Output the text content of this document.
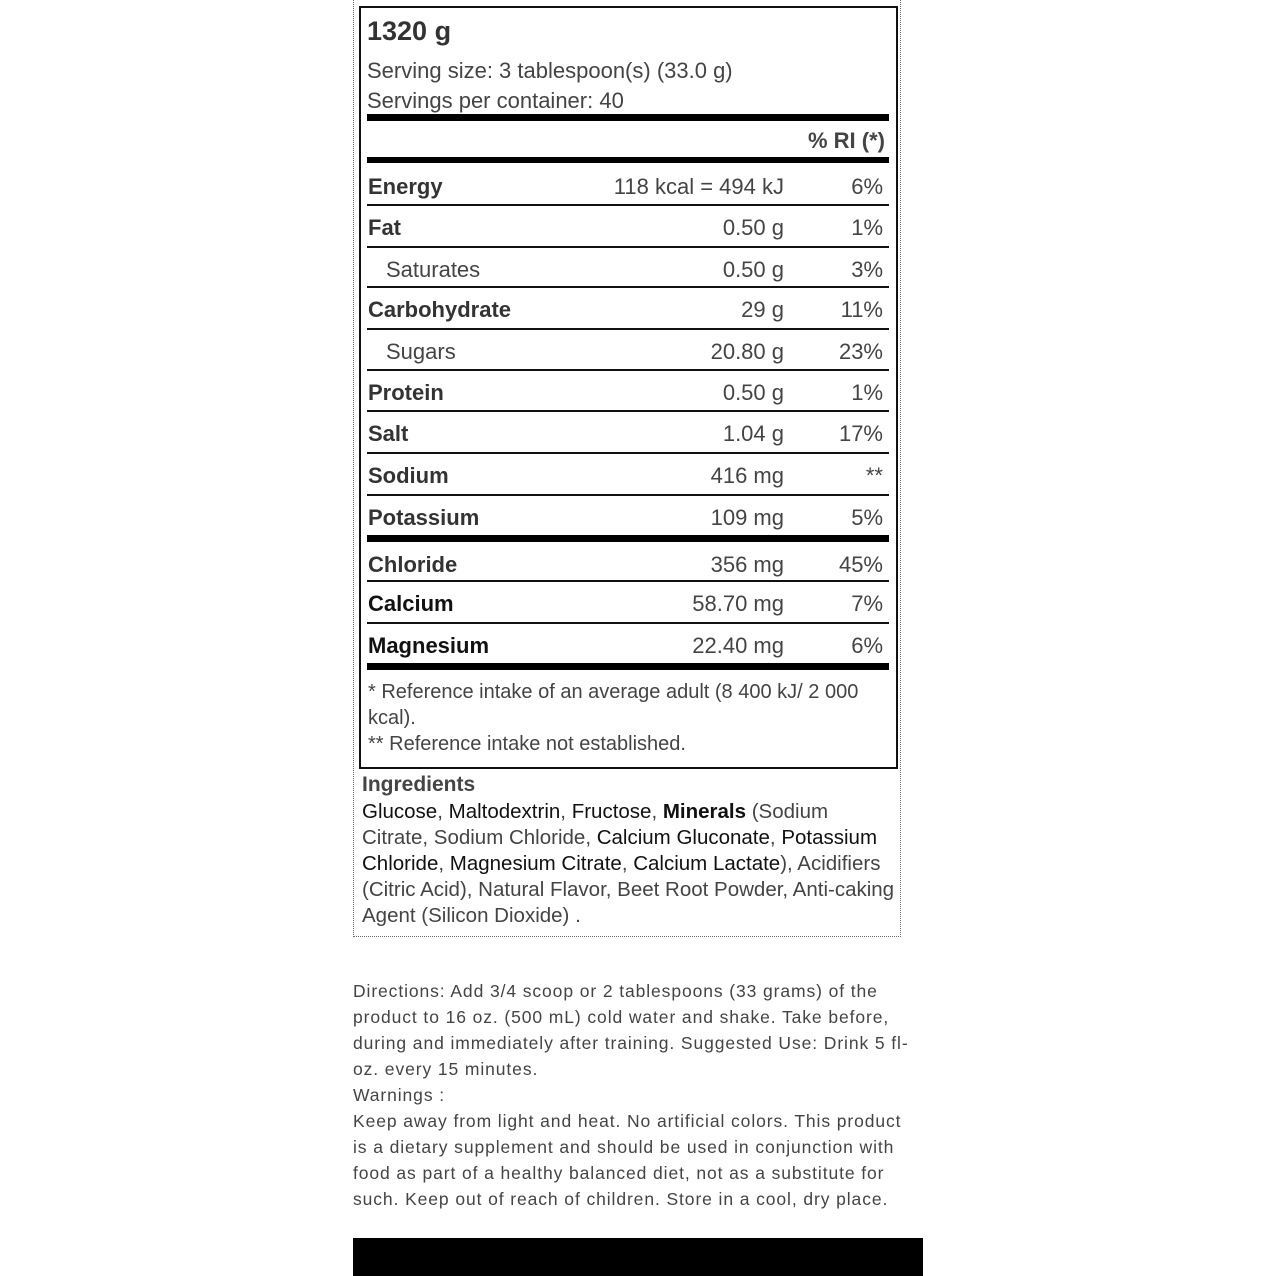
1320 g

Serving size: 3 tablespoon(s) (33.0 g)

Servings per container: 40

% RI (*)
Energy	118 kcal = 494 kJ	6%
Fat	0.50 g	1%
Saturates	0.50 g	3%
Carbohydrate	29 g	11%
Sugars	20.80 g 23%
Protein	0.50 g	1%
Salt	1.04 g 17%
Sodium	416 mg	**
Potassium	109 mg	5%
Chloride	356 mg 45%
Calcium	58.70 mg	7%
Magnesium	22.40 mg	6%
* Reference intake of an average adult (8 400 kJ/ 2 000 kcal).
** Reference intake not established.
Ingredients
Glucose, Maltodextrin, Fructose, Minerals (Sodium Citrate, Sodium Chloride, Calcium Gluconate, Potassium Chloride, Magnesium Citrate, Calcium Lactate), Acidifiers (Citric Acid), Natural Flavor, Beet Root Powder, Anti-caking Agent (Silicon Dioxide) .

Directions: Add 3/4 scoop or 2 tablespoons (33 grams) of the product to 16 oz. (500 mL) cold water and shake. Take before, during and immediately after training. Suggested Use: Drink 5 fl-oz. every 15 minutes.

Warnings :

Keep away from light and heat. No artificial colors. This product is a dietary supplement and should be used in conjunction with food as part of a healthy balanced diet, not as a substitute for such. Keep out of reach of children. Store in a cool, dry place.
